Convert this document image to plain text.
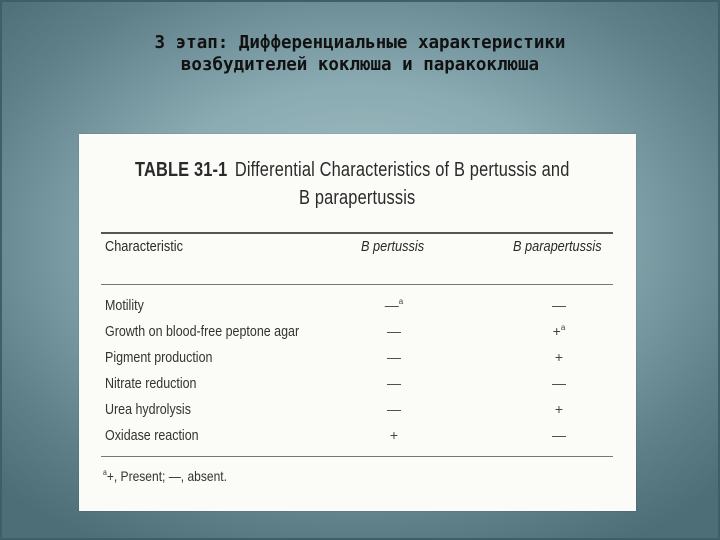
3 этап: Дифференциальные характеристики
возбудителей коклюша и паракоклюша
TABLE 31-1 Differential Characteristics of B pertussis and
B parapertussis
Characteristic	B pertussis	B parapertussis
Motility	—$^a$	—
Growth on blood-free peptone agar	—	+$^a$
Pigment production	—	+
Nitrate reduction	—	—
Urea hydrolysis	—	+
Oxidase reaction	+	—
$^a$+, Present; —, absent.
